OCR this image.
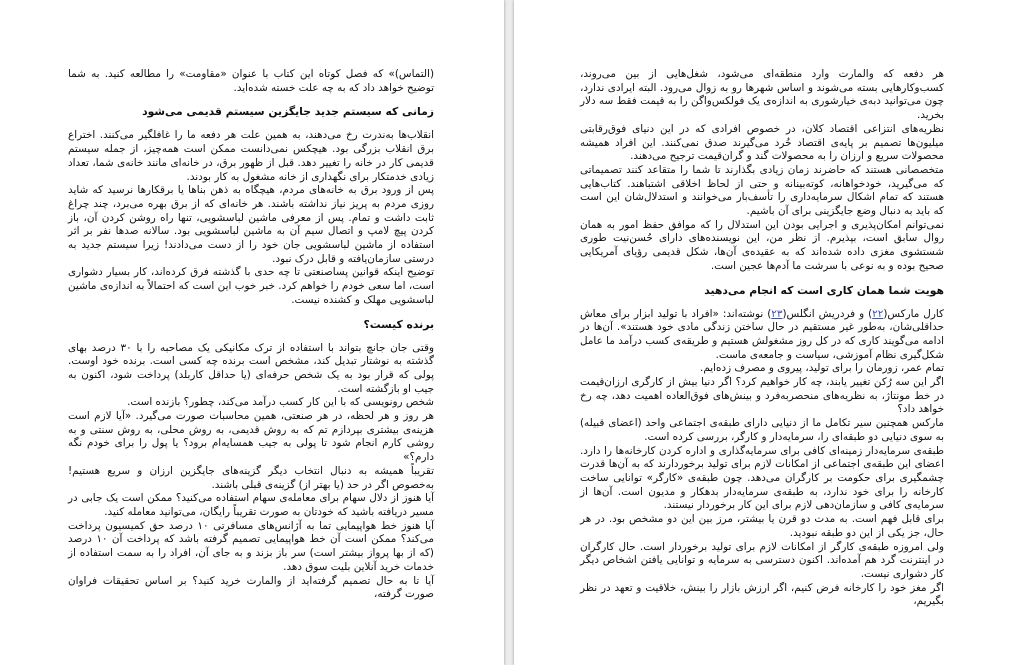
(التماس)» که فصل کوتاه این کتاب با عنوان «مقاومت» را مطالعه کنید. به شما توضیح خواهد داد که به چه علت خسته شده‌اید.

زمانی که سیستم جدید جایگزین سیستم قدیمی می‌شود

انقلاب‌ها به‌ندرت رخ می‌دهند، به همین علت هر دفعه ما را غافلگیر می‌کنند. اختراع برق انقلاب بزرگی بود. هیچکس نمی‌دانست ممکن است همه‌چیز، از جمله سیستم قدیمی کار در خانه را تغییر دهد. قبل از ظهور برق، در خانه‌ای مانند خانه‌ی شما، تعداد زیادی خدمتکار برای نگهداری از خانه مشغول به کار بودند.

پس از ورود برق به خانه‌های مردم، هیچگاه به ذهن بناها یا برقکارها نرسید که شاید روزی مردم به پریز نیاز نداشته باشند. هر خانه‌ای که از برق بهره می‌برد، چند چراغ ثابت داشت و تمام. پس از معرفی ماشین لباسشویی، تنها راه روشن کردن آن، باز کردن پیچ لامپ و اتصال سیم آن به ماشین لباسشویی بود. سالانه صدها نفر بر اثر استفاده از ماشین لباسشویی جان خود را از دست می‌دادند! زیرا سیستم جدید به درستی سازمان‌یافته و قابل درک نبود.

توضیح اینکه قوانین پساصنعتی تا چه حدی با گذشته فرق کرده‌اند، کار بسیار دشواری است، اما سعی خودم را خواهم کرد. خبر خوب این است که احتمالاً به اندازه‌ی ماشین لباسشویی مهلک و کشنده نیست.

برنده کیست؟

وقتی جان جانچ بتواند با استفاده از ترک مکانیکی یک مصاحبه را با ۳۰ درصد بهای گذشته به نوشتار تبدیل کند، مشخص است برنده چه کسی است. برنده خود اوست. پولی که قرار بود به یک شخص حرفه‌ای (یا حداقل کاربلد) پرداخت شود، اکنون به جیب او بازگشته است.

شخص رونویسی که با این کار کسب درآمد می‌کند، چطور؟ بازنده است.

هر روز و هر لحظه، در هر صنعتی، همین محاسبات صورت می‌گیرد. «آیا لازم است هزینه‌ی بیشتری بپردازم تم که به روش قدیمی، به روش محلی، به روش سنتی و به روشی کارم انجام شود تا پولی به جیب همسایه‌ام برود؟ یا پول را برای خودم نگه دارم؟»

تقریباً همیشه به دنبال انتخاب دیگر گزینه‌های جایگزین ارزان و سریع هستیم! به‌خصوص اگر در حد (یا بهتر از) گزینه‌ی قبلی باشند.

آیا هنوز از دلال سهام برای معامله‌ی سهام استفاده می‌کنید؟ ممکن است یک جابی در مسیر دریافته باشید که خودتان به صورت تقریباً رایگان، می‌توانید معامله کنید.

آیا هنوز خط هواپیمایی تما به آژانس‌های مسافرتی ۱۰ درصد حق کمیسیون پرداخت می‌کند؟ ممکن است آن خط هواپیمایی تصمیم گرفته باشد که پرداخت آن ۱۰ درصد (که از بها پرواز بیشتر است) سر باز بزند و به جای آن، افراد را به سمت استفاده از خدمات خرید آنلاین بلیت سوق دهد.

آیا تا به حال تصمیم گرفته‌اید از والمارت خرید کنید؟ بر اساس تحقیقات فراوان صورت گرفته،

هر دفعه که والمارت وارد منطقه‌ای می‌شود، شغل‌هایی از بین می‌روند، کسب‌وکارهایی بسته می‌شوند و اساس شهرها رو به زوال می‌رود. البته ایرادی ندارد، چون می‌توانید دبه‌ی خیارشوری به اندازه‌ی یک فولکس‌واگن را به قیمت فقط سه دلار بخرید.

نظریه‌های انتزاعی اقتصاد کلان، در خصوص افرادی که در این دنیای فوق‌رقابتی میلیون‌ها تصمیم بر پایه‌ی اقتصاد خُرد می‌گیرند صدق نمی‌کنند. این افراد همیشه محصولات سریع و ارزان را به محصولات گند و گران‌قیمت ترجیح می‌دهند.

متخصصانی هستند که حاضرند زمان زیادی بگذارند تا شما را متقاعد کنند تصمیماتی که می‌گیرید، خودخواهانه، کوته‌بینانه و حتی از لحاظ اخلاقی اشتباهند. کتاب‌هایی هستند که تمام اشکال سرمایه‌داری را تأسف‌بار می‌خوانند و استدلال‌شان این است که باید به دنبال وضع جایگزینی برای آن باشیم.

نمی‌توانم امکان‌پذیری و اجرایی بودن این استدلال را که موافق حفظ امور به همان روال سابق است، بپذیرم. از نظر من، این نویسنده‌های دارای حُسن‌نیت طوری شستشوی مغزی داده شده‌اند که به عقیده‌ی آن‌ها، شکل قدیمی رؤیای آمریکایی صحیح بوده و به نوعی با سرشت ما آدم‌ها عجین است.

هویت شما همان کاری است که انجام می‌دهید

کارل مارکس(۲۲) و فردریش انگلس(۲۳) نوشته‌اند: «افراد با تولید ابزار برای معاش حداقلی‌شان، به‌طور غیر مستقیم در حال ساختن زندگی مادی خود هستند». آن‌ها در ادامه می‌گویند کاری که در کل روز مشغولش هستیم و طریقه‌ی کسب درآمد ما عامل شکل‌گیری نظام آموزشی، سیاست و جامعه‌ی ماست.

تمام عمر، زورمان را برای تولید، پیروی و مصرف زده‌ایم.

اگر این سه رُکن تغییر یابند، چه کار خواهیم کرد؟ اگر دنیا بیش از کارگری ارزان‌قیمت در خط مونتاژ، به نظریه‌های منحصربه‌فرد و بینش‌های فوق‌العاده اهمیت دهد، چه رخ خواهد داد؟

مارکس همچنین سیر تکامل ما از دنیایی دارای طبقه‌ی اجتماعی واحد (اعضای قبیله) به سوی دنیایی دو طبقه‌ای را، سرمایه‌دار و کارگر، بررسی کرده است.

طبقه‌ی سرمایه‌دار زمینه‌ای کافی برای سرمایه‌گذاری و اداره کردن کارخانه‌ها را دارد. اعضای این طبقه‌ی اجتماعی از امکانات لازم برای تولید برخوردارند که به آن‌ها قدرت چشمگیری برای حکومت بر کارگران می‌دهد. چون طبقه‌ی «کارگر» توانایی ساخت کارخانه را برای خود ندارد، به طبقه‌ی سرمایه‌دار بدهکار و مدیون است. آن‌ها از سرمایه‌ی کافی و سازمان‌دهی لازم برای این کار برخوردار نیستند.

برای قابل فهم است. به مدت دو قرن یا بیشتر، مرز بین این دو مشخص بود. در هر حال، جز یکی از این دو طبقه نبودید.

ولی امروزه طبقه‌ی کارگر از امکانات لازم برای تولید برخوردار است. حال کارگران در اینترنت گرد هم آمده‌اند. اکنون دسترسی به سرمایه و توانایی یافتن اشخاص دیگر کار دشواری نیست.

اگر مغز خود را کارخانه فرض کنیم، اگر ارزش بازار را بینش، خلاقیت و تعهد در نظر بگیریم،
